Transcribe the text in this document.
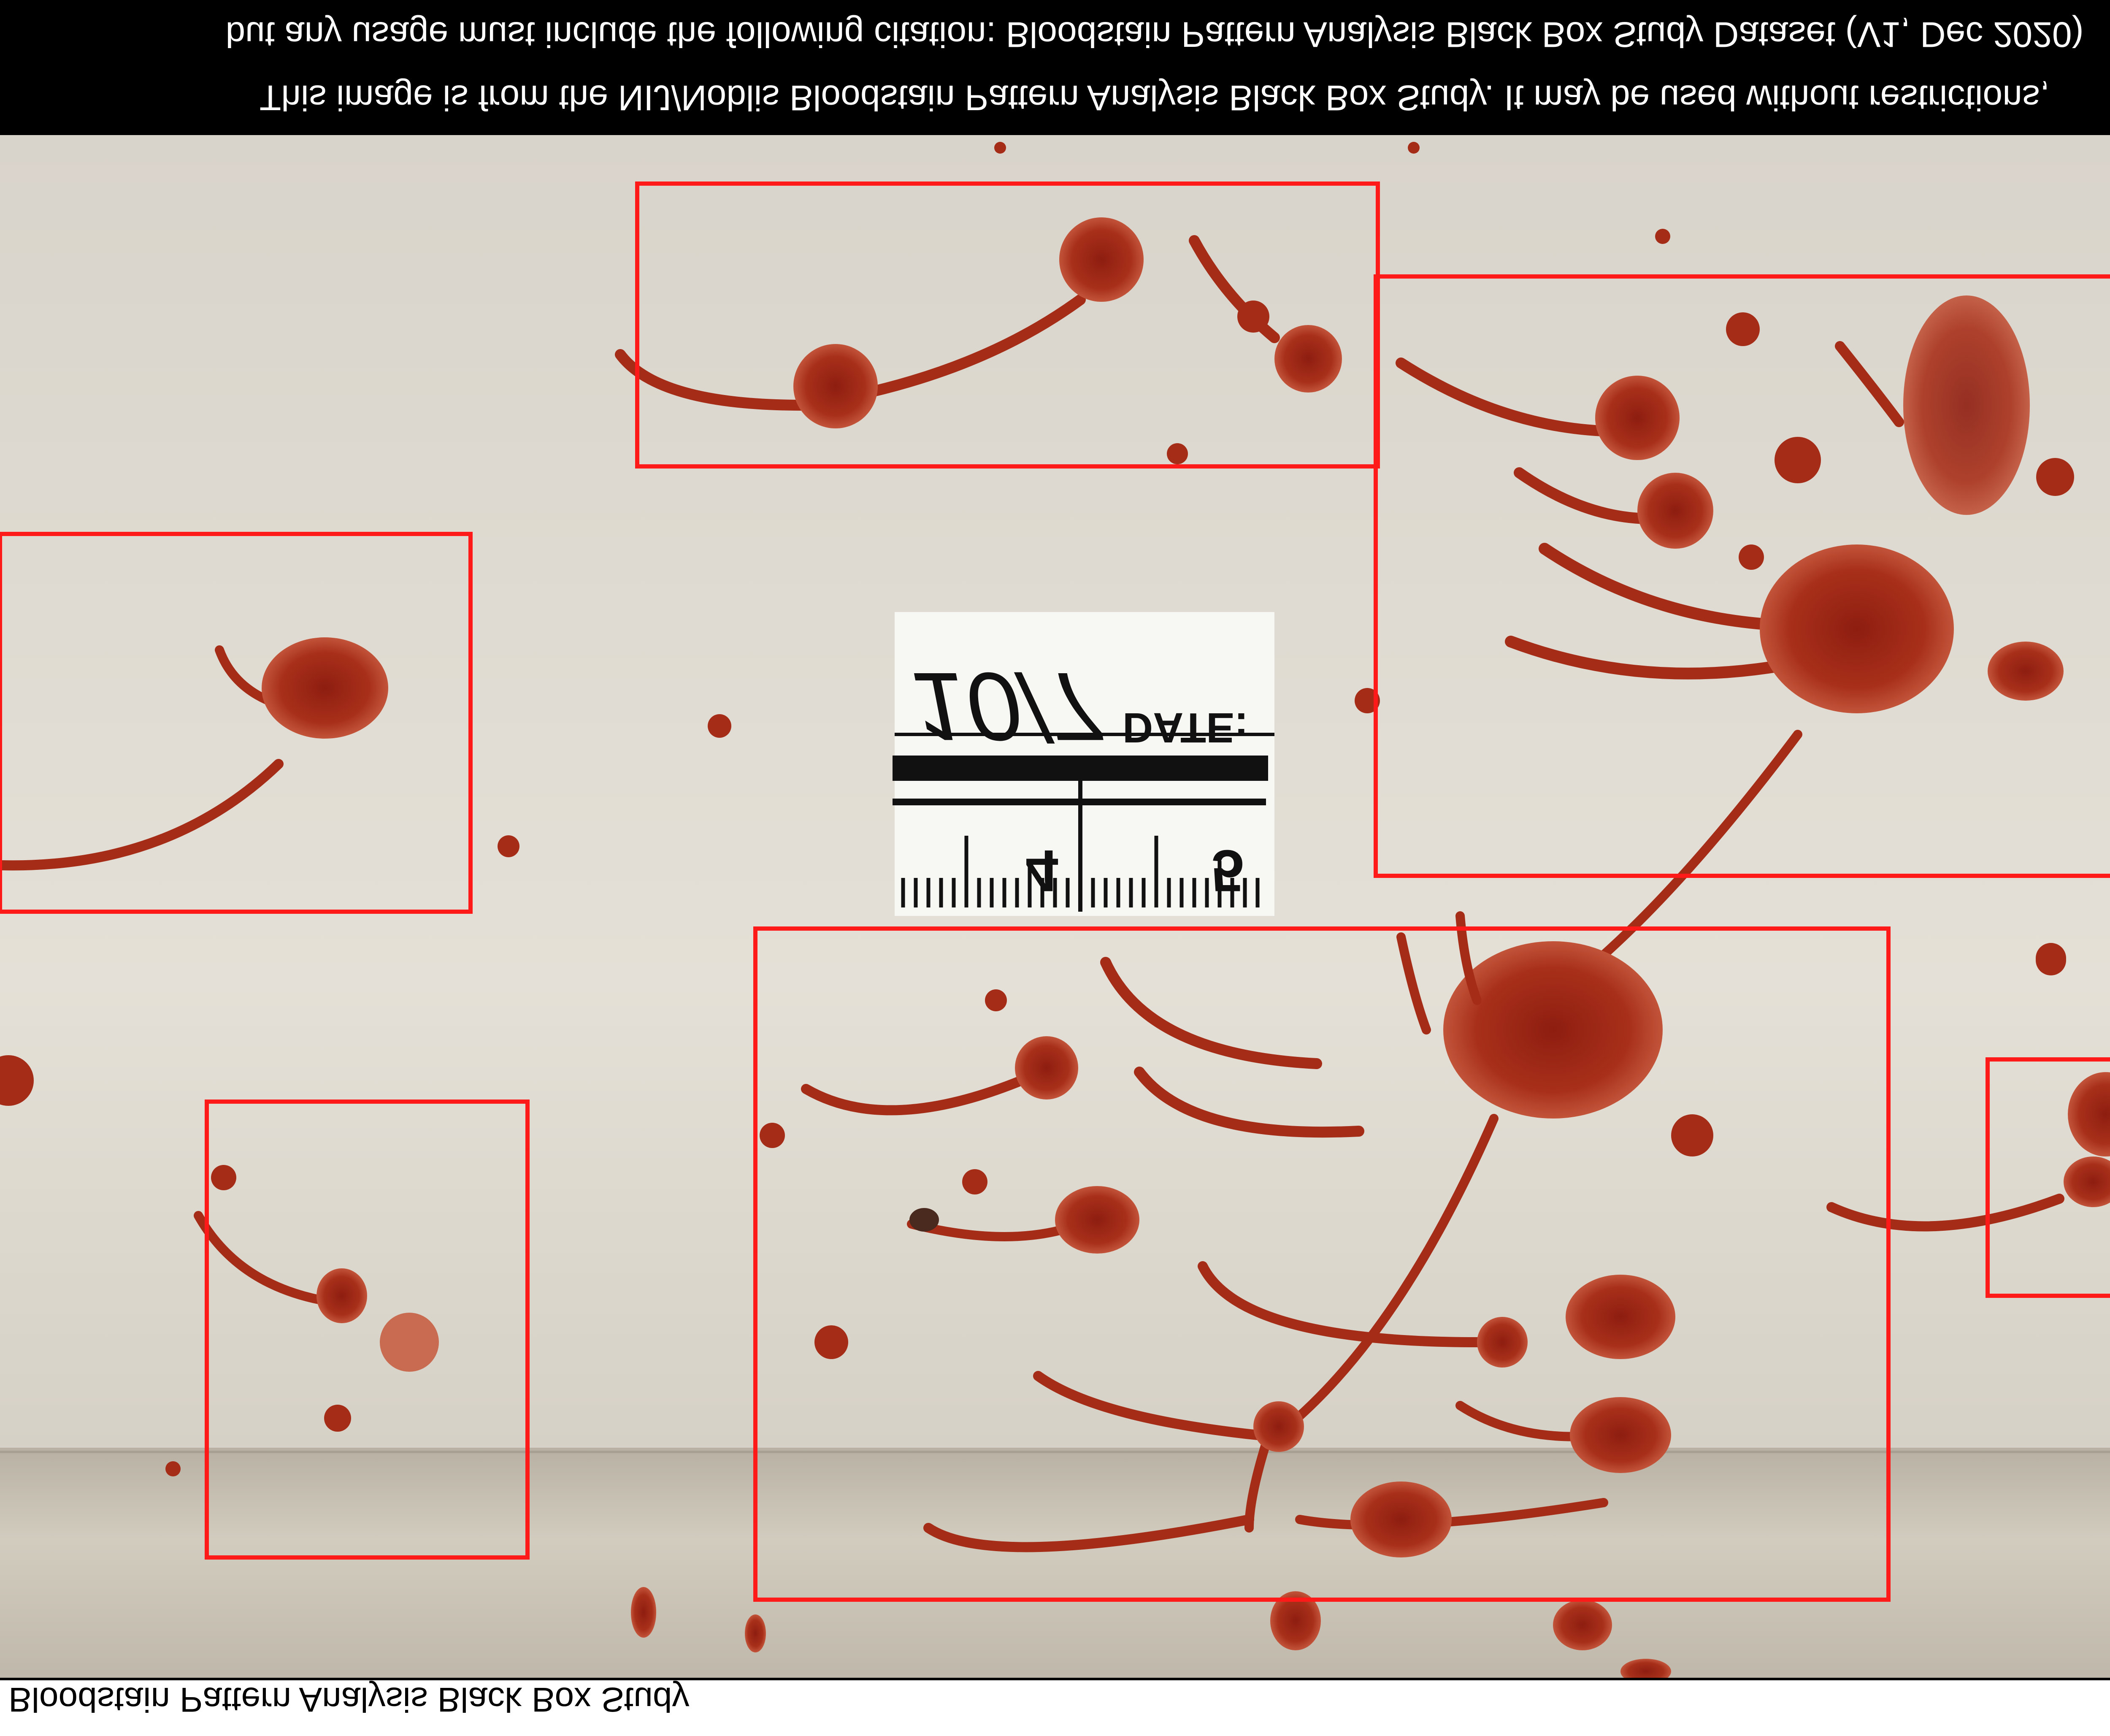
DATE:
10/7
4	5
but any usage must include the following citation: Bloodstain Pattern Analysis Black Box Study Dataset (V1, Dec 2020)
This image is from the NIJ/Noblis Bloodstain Pattern Analysis Black Box Study. It may be used without restrictions,
Bloodstain Pattern Analysis Black Box Study
